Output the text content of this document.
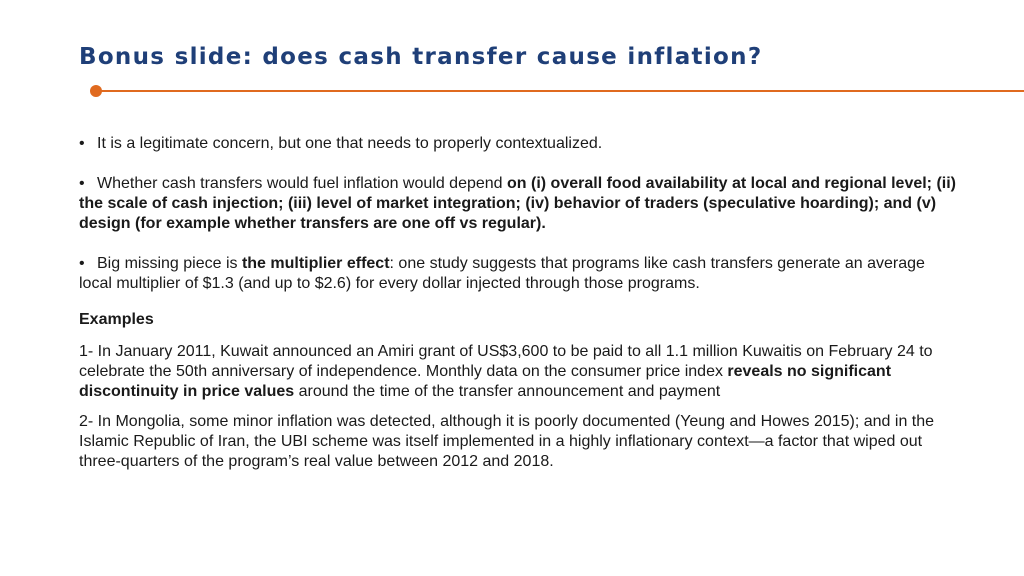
Bonus slide: does cash transfer cause inflation?

• It is a legitimate concern, but one that needs to properly contextualized.

• Whether cash transfers would fuel inflation would depend on (i) overall food availability at local and regional level; (ii) the scale of cash injection; (iii) level of market integration; (iv) behavior of traders (speculative hoarding); and (v) design (for example whether transfers are one off vs regular).

• Big missing piece is the multiplier effect: one study suggests that programs like cash transfers generate an average local multiplier of $1.3 (and up to $2.6) for every dollar injected through those programs.

Examples

1- In January 2011, Kuwait announced an Amiri grant of US$3,600 to be paid to all 1.1 million Kuwaitis on February 24 to celebrate the 50th anniversary of independence. Monthly data on the consumer price index reveals no significant discontinuity in price values around the time of the transfer announcement and payment

2- In Mongolia, some minor inflation was detected, although it is poorly documented (Yeung and Howes 2015); and in the Islamic Republic of Iran, the UBI scheme was itself implemented in a highly inflationary context—a factor that wiped out three-quarters of the program’s real value between 2012 and 2018.
